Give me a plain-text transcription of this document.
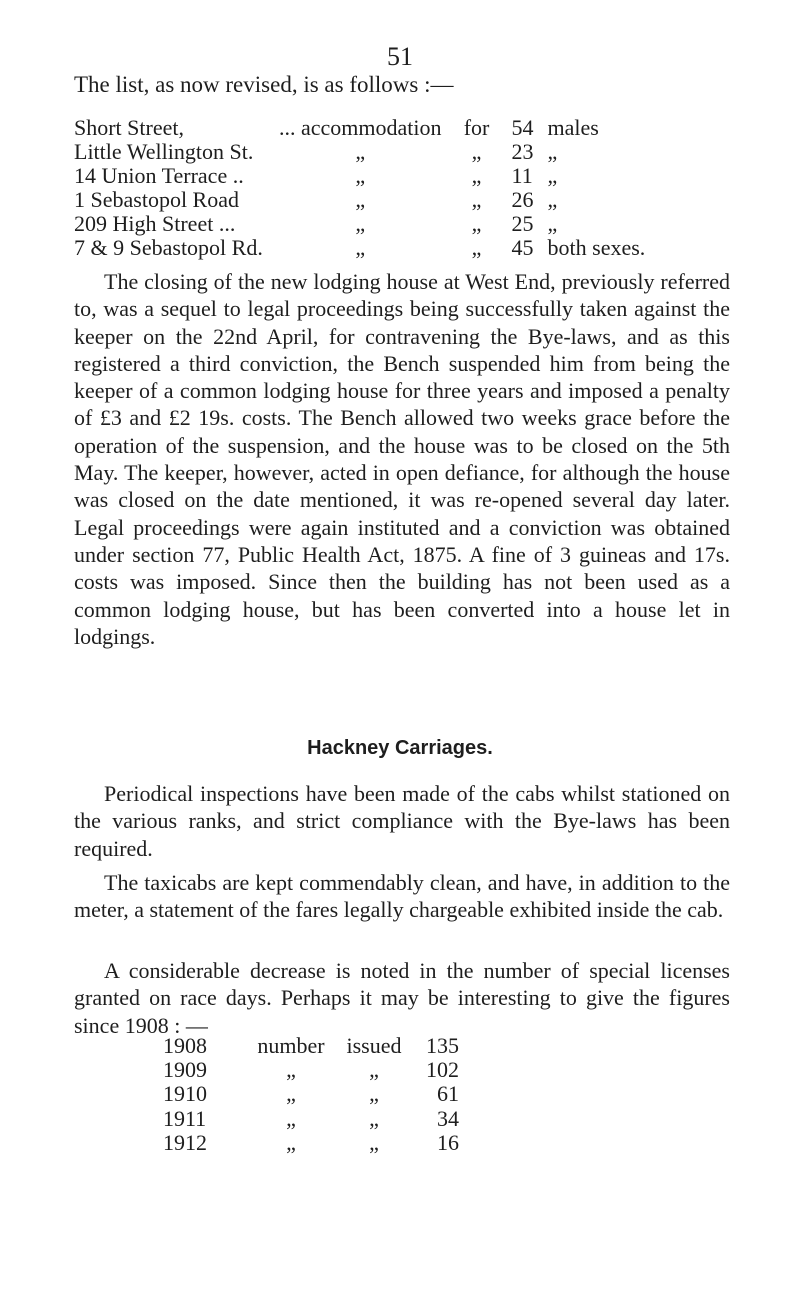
51

The list, as now revised, is as follows :—

Short Street,	... accommodation	for	54	males
Little Wellington St.	„	„	23	„
14 Union Terrace ..	„	„	11	„
1 Sebastopol Road	„	„	26	„
209 High Street ...	„	„	25	„
7 & 9 Sebastopol Rd.	„	„	45	both sexes.

The closing of the new lodging house at West End, previously referred to, was a sequel to legal proceedings being successfully taken against the keeper on the 22nd April, for contravening the Bye-laws, and as this registered a third conviction, the Bench suspended him from being the keeper of a common lodging house for three years and imposed a penalty of £3 and £2 19s. costs. The Bench allowed two weeks grace before the operation of the suspension, and the house was to be closed on the 5th May. The keeper, however, acted in open defiance, for although the house was closed on the date mentioned, it was re-opened several day later. Legal proceedings were again instituted and a conviction was obtained under section 77, Public Health Act, 1875. A fine of 3 guineas and 17s. costs was imposed. Since then the building has not been used as a common lodging house, but has been converted into a house let in lodgings.

Hackney Carriages.

Periodical inspections have been made of the cabs whilst stationed on the various ranks, and strict compliance with the Bye-laws has been required.

The taxicabs are kept commendably clean, and have, in addition to the meter, a statement of the fares legally chargeable exhibited inside the cab.

A considerable decrease is noted in the number of special licenses granted on race days. Perhaps it may be interesting to give the figures since 1908 : —

1908	number	issued	135
1909	„	„	102
1910	„	„	61
1911	„	„	34
1912	„	„	16
